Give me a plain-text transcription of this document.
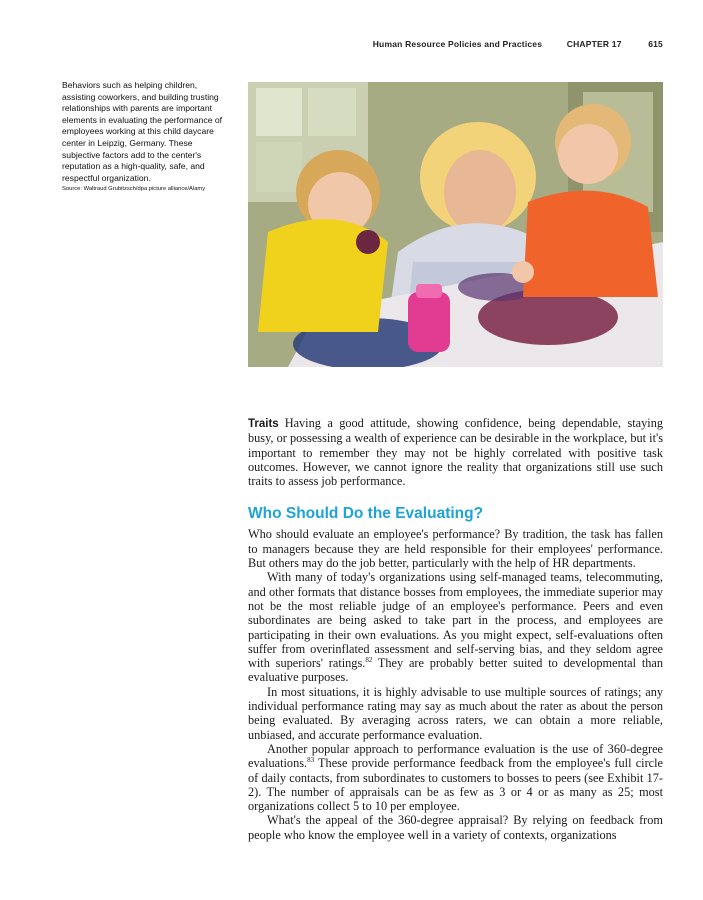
Human Resource Policies and Practices	CHAPTER 17	615
Behaviors such as helping children, assisting coworkers, and building trusting relationships with parents are important elements in evaluating the performance of employees working at this child daycare center in Leipzig, Germany. These subjective factors add to the center's reputation as a high-quality, safe, and respectful organization.
Source: Waltraud Grubitzsch/dpa picture alliance/Alamy

Traits Having a good attitude, showing confidence, being dependable, staying busy, or possessing a wealth of experience can be desirable in the workplace, but it's important to remember they may not be highly correlated with positive task outcomes. However, we cannot ignore the reality that organizations still use such traits to assess job performance.

Who Should Do the Evaluating?

Who should evaluate an employee's performance? By tradition, the task has fallen to managers because they are held responsible for their employees' performance. But others may do the job better, particularly with the help of HR departments.

With many of today's organizations using self-managed teams, telecommuting, and other formats that distance bosses from employees, the immediate superior may not be the most reliable judge of an employee's performance. Peers and even subordinates are being asked to take part in the process, and employees are participating in their own evaluations. As you might expect, self-evaluations often suffer from overinflated assessment and self-serving bias, and they seldom agree with superiors' ratings.$^{82}$ They are probably better suited to developmental than evaluative purposes.

In most situations, it is highly advisable to use multiple sources of ratings; any individual performance rating may say as much about the rater as about the person being evaluated. By averaging across raters, we can obtain a more reliable, unbiased, and accurate performance evaluation.

Another popular approach to performance evaluation is the use of 360-degree evaluations.$^{83}$ These provide performance feedback from the employee's full circle of daily contacts, from subordinates to customers to bosses to peers (see Exhibit 17-2). The number of appraisals can be as few as 3 or 4 or as many as 25; most organizations collect 5 to 10 per employee.

What's the appeal of the 360-degree appraisal? By relying on feedback from people who know the employee well in a variety of contexts, organizations
